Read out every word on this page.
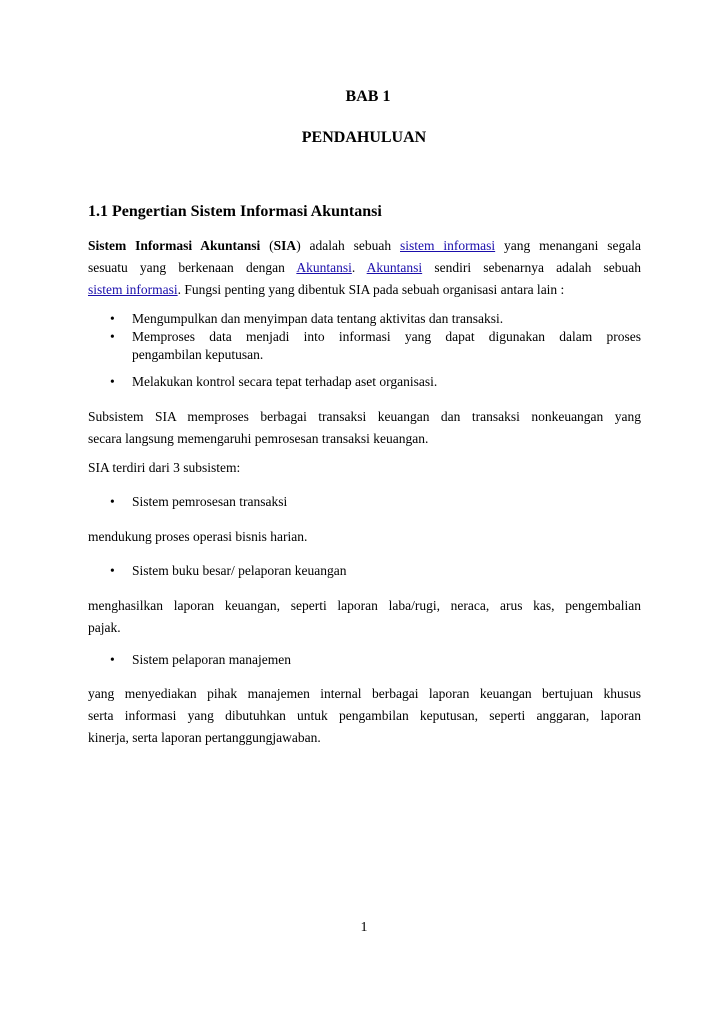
BAB 1
PENDAHULUAN
1.1 Pengertian Sistem Informasi Akuntansi
Sistem Informasi Akuntansi (SIA) adalah sebuah sistem informasi yang menangani segala
sesuatu yang berkenaan dengan Akuntansi. Akuntansi sendiri sebenarnya adalah sebuah
sistem informasi. Fungsi penting yang dibentuk SIA pada sebuah organisasi antara lain :
•	Mengumpulkan dan menyimpan data tentang aktivitas dan transaksi.
•	Memproses data menjadi into informasi yang dapat digunakan dalam proses
pengambilan keputusan.
•	Melakukan kontrol secara tepat terhadap aset organisasi.
Subsistem SIA memproses berbagai transaksi keuangan dan transaksi nonkeuangan yang
secara langsung memengaruhi pemrosesan transaksi keuangan.
SIA terdiri dari 3 subsistem:
•	Sistem pemrosesan transaksi
mendukung proses operasi bisnis harian.
•	Sistem buku besar/ pelaporan keuangan
menghasilkan laporan keuangan, seperti laporan laba/rugi, neraca, arus kas, pengembalian
pajak.
•	Sistem pelaporan manajemen
yang menyediakan pihak manajemen internal berbagai laporan keuangan bertujuan khusus
serta informasi yang dibutuhkan untuk pengambilan keputusan, seperti anggaran, laporan
kinerja, serta laporan pertanggungjawaban.
1
